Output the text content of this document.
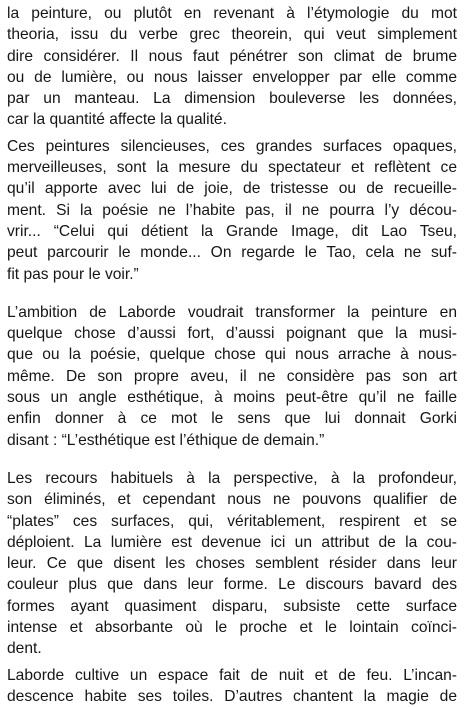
la peinture, ou plutôt en revenant à l’étymologie du mot
theoria, issu du verbe grec theorein, qui veut simplement
dire considérer. Il nous faut pénétrer son climat de brume
ou de lumière, ou nous laisser envelopper par elle comme
par un manteau. La dimension bouleverse les données,
car la quantité affecte la qualité.

Ces peintures silencieuses, ces grandes surfaces opaques,
merveilleuses, sont la mesure du spectateur et reflètent ce
qu’il apporte avec lui de joie, de tristesse ou de recueille-
ment. Si la poésie ne l’habite pas, il ne pourra l’y décou-
vrir... “Celui qui détient la Grande Image, dit Lao Tseu,
peut parcourir le monde... On regarde le Tao, cela ne suf-
fit pas pour le voir.”

L’ambition de Laborde voudrait transformer la peinture en
quelque chose d’aussi fort, d’aussi poignant que la musi-
que ou la poésie, quelque chose qui nous arrache à nous-
même. De son propre aveu, il ne considère pas son art
sous un angle esthétique, à moins peut-être qu’il ne faille
enfin donner à ce mot le sens que lui donnait Gorki
disant : “L’esthétique est l’éthique de demain.”

Les recours habituels à la perspective, à la profondeur,
son éliminés, et cependant nous ne pouvons qualifier de
“plates” ces surfaces, qui, véritablement, respirent et se
déploient. La lumière est devenue ici un attribut de la cou-
leur. Ce que disent les choses semblent résider dans leur
couleur plus que dans leur forme. Le discours bavard des
formes ayant quasiment disparu, subsiste cette surface
intense et absorbante où le proche et le lointain coïnci-
dent.

Laborde cultive un espace fait de nuit et de feu. L’incan-
descence habite ses toiles. D’autres chantent la magie de
